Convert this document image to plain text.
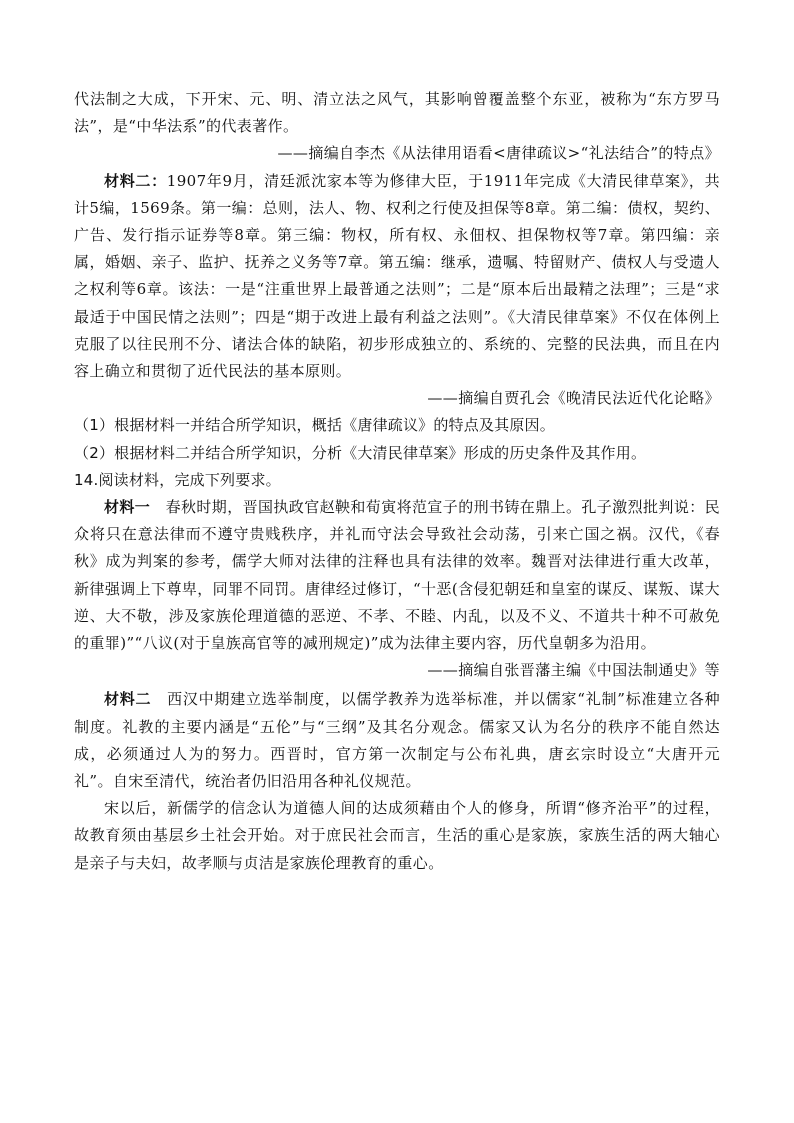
代法制之大成，下开宋、元、明、清立法之风气，其影响曾覆盖整个东亚，被称为“东方罗马法”，是“中华法系”的代表著作。

——摘编自李杰《从法律用语看<唐律疏议>“礼法结合”的特点》

材料二：1907年9月，清廷派沈家本等为修律大臣，于1911年完成《大清民律草案》，共计5编，1569条。第一编：总则，法人、物、权利之行使及担保等8章。第二编：债权，契约、广告、发行指示证券等8章。第三编：物权，所有权、永佃权、担保物权等7章。第四编：亲属，婚姻、亲子、监护、抚养之义务等7章。第五编：继承，遗嘱、特留财产、债权人与受遗人之权利等6章。该法：一是“注重世界上最普通之法则”；二是“原本后出最精之法理”；三是“求最适于中国民情之法则”；四是“期于改进上最有利益之法则”。《大清民律草案》不仅在体例上克服了以往民刑不分、诸法合体的缺陷，初步形成独立的、系统的、完整的民法典，而且在内容上确立和贯彻了近代民法的基本原则。

——摘编自贾孔会《晚清民法近代化论略》

（1）根据材料一并结合所学知识，概括《唐律疏议》的特点及其原因。

（2）根据材料二并结合所学知识，分析《大清民律草案》形成的历史条件及其作用。

14.阅读材料，完成下列要求。

材料一　 春秋时期，晋国执政官赵鞅和荀寅将范宣子的刑书铸在鼎上。孔子激烈批判说：民众将只在意法律而不遵守贵贱秩序，并礼而守法会导致社会动荡，引来亡国之祸。汉代，《春秋》成为判案的参考，儒学大师对法律的注释也具有法律的效率。魏晋对法律进行重大改革，新律强调上下尊卑，同罪不同罚。唐律经过修订，“十恶(含侵犯朝廷和皇室的谋反、谋叛、谋大逆、大不敬，涉及家族伦理道德的恶逆、不孝、不睦、内乱，以及不义、不道共十种不可赦免的重罪)”“八议(对于皇族高官等的减刑规定)”成为法律主要内容，历代皇朝多为沿用。

——摘编自张晋藩主编《中国法制通史》等

材料二　 西汉中期建立选举制度，以儒学教养为选举标准，并以儒家“礼制”标准建立各种制度。礼教的主要内涵是“五伦”与“三纲”及其名分观念。儒家又认为名分的秩序不能自然达成，必须通过人为的努力。西晋时，官方第一次制定与公布礼典，唐玄宗时设立“大唐开元礼”。自宋至清代，统治者仍旧沿用各种礼仪规范。

宋以后，新儒学的信念认为道德人间的达成须藉由个人的修身，所谓“修齐治平”的过程，故教育须由基层乡土社会开始。对于庶民社会而言，生活的重心是家族，家族生活的两大轴心是亲子与夫妇，故孝顺与贞洁是家族伦理教育的重心。
